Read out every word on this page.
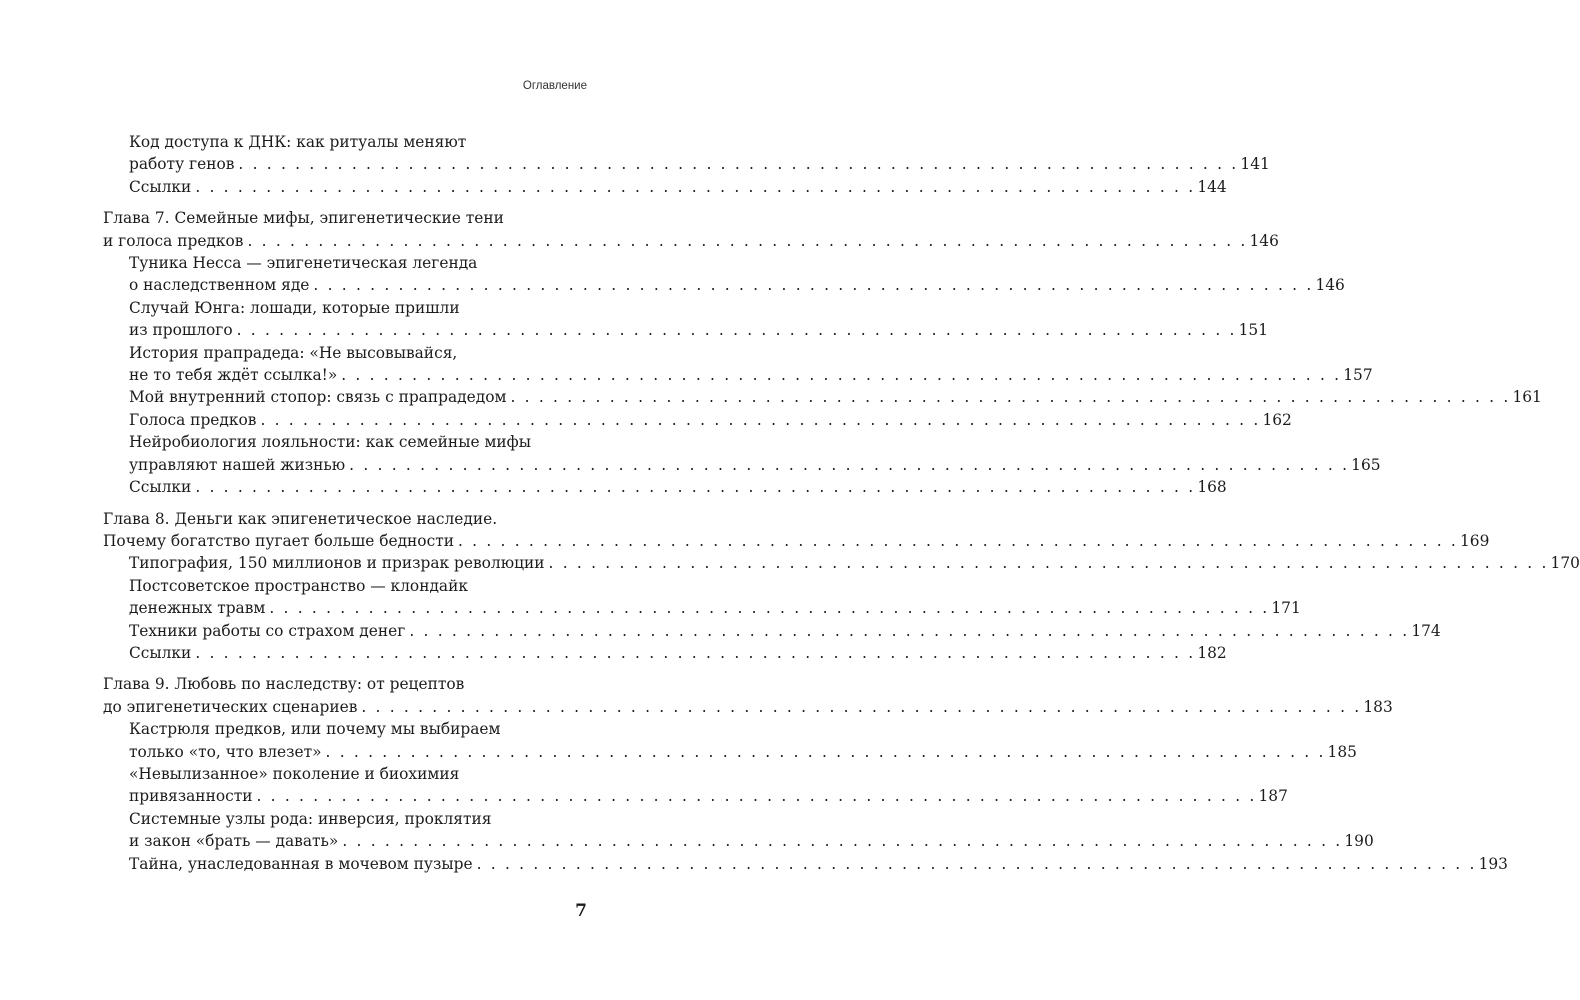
Оглавление
Код доступа к ДНК: как ритуалы меняют
работу генов . . . . . . . . . . . . . . . . . . . . . . . . . . . . . . . . . . . . . . . . . . . . . . . . . . . . . . . . . . . . . . . . . . . . . . . 141
Ссылки . . . . . . . . . . . . . . . . . . . . . . . . . . . . . . . . . . . . . . . . . . . . . . . . . . . . . . . . . . . . . . . . . . . . . . . 144
Глава 7. Семейные мифы, эпигенетические тени
и голоса предков . . . . . . . . . . . . . . . . . . . . . . . . . . . . . . . . . . . . . . . . . . . . . . . . . . . . . . . . . . . . . . . . . . . . . . . 146
Туника Несса — эпигенетическая легенда
о наследственном яде . . . . . . . . . . . . . . . . . . . . . . . . . . . . . . . . . . . . . . . . . . . . . . . . . . . . . . . . . . . . . . . . . . . . . . . 146
Случай Юнга: лошади, которые пришли
из прошлого . . . . . . . . . . . . . . . . . . . . . . . . . . . . . . . . . . . . . . . . . . . . . . . . . . . . . . . . . . . . . . . . . . . . . . . 151
История прапрадеда: «Не высовывайся,
не то тебя ждёт ссылка!» . . . . . . . . . . . . . . . . . . . . . . . . . . . . . . . . . . . . . . . . . . . . . . . . . . . . . . . . . . . . . . . . . . . . . . . 157
Мой внутренний стопор: связь с прапрадедом . . . . . . . . . . . . . . . . . . . . . . . . . . . . . . . . . . . . . . . . . . . . . . . . . . . . . . . . . . . . . . . . . . . . . . . 161
Голоса предков . . . . . . . . . . . . . . . . . . . . . . . . . . . . . . . . . . . . . . . . . . . . . . . . . . . . . . . . . . . . . . . . . . . . . . . 162
Нейробиология лояльности: как семейные мифы
управляют нашей жизнью . . . . . . . . . . . . . . . . . . . . . . . . . . . . . . . . . . . . . . . . . . . . . . . . . . . . . . . . . . . . . . . . . . . . . . . 165
Ссылки . . . . . . . . . . . . . . . . . . . . . . . . . . . . . . . . . . . . . . . . . . . . . . . . . . . . . . . . . . . . . . . . . . . . . . . 168
Глава 8. Деньги как эпигенетическое наследие.
Почему богатство пугает больше бедности . . . . . . . . . . . . . . . . . . . . . . . . . . . . . . . . . . . . . . . . . . . . . . . . . . . . . . . . . . . . . . . . . . . . . . . 169
Типография, 150 миллионов и призрак революции . . . . . . . . . . . . . . . . . . . . . . . . . . . . . . . . . . . . . . . . . . . . . . . . . . . . . . . . . . . . . . . . . . . . . . . 170
Постсоветское пространство — клондайк
денежных травм . . . . . . . . . . . . . . . . . . . . . . . . . . . . . . . . . . . . . . . . . . . . . . . . . . . . . . . . . . . . . . . . . . . . . . . 171
Техники работы со страхом денег . . . . . . . . . . . . . . . . . . . . . . . . . . . . . . . . . . . . . . . . . . . . . . . . . . . . . . . . . . . . . . . . . . . . . . . 174
Ссылки . . . . . . . . . . . . . . . . . . . . . . . . . . . . . . . . . . . . . . . . . . . . . . . . . . . . . . . . . . . . . . . . . . . . . . . 182
Глава 9. Любовь по наследству: от рецептов
до эпигенетических сценариев . . . . . . . . . . . . . . . . . . . . . . . . . . . . . . . . . . . . . . . . . . . . . . . . . . . . . . . . . . . . . . . . . . . . . . . 183
Кастрюля предков, или почему мы выбираем
только «то, что влезет» . . . . . . . . . . . . . . . . . . . . . . . . . . . . . . . . . . . . . . . . . . . . . . . . . . . . . . . . . . . . . . . . . . . . . . . 185
«Невылизанное» поколение и биохимия
привязанности . . . . . . . . . . . . . . . . . . . . . . . . . . . . . . . . . . . . . . . . . . . . . . . . . . . . . . . . . . . . . . . . . . . . . . . 187
Системные узлы рода: инверсия, проклятия
и закон «брать — давать» . . . . . . . . . . . . . . . . . . . . . . . . . . . . . . . . . . . . . . . . . . . . . . . . . . . . . . . . . . . . . . . . . . . . . . . 190
Тайна, унаследованная в мочевом пузыре . . . . . . . . . . . . . . . . . . . . . . . . . . . . . . . . . . . . . . . . . . . . . . . . . . . . . . . . . . . . . . . . . . . . . . . 193
7
